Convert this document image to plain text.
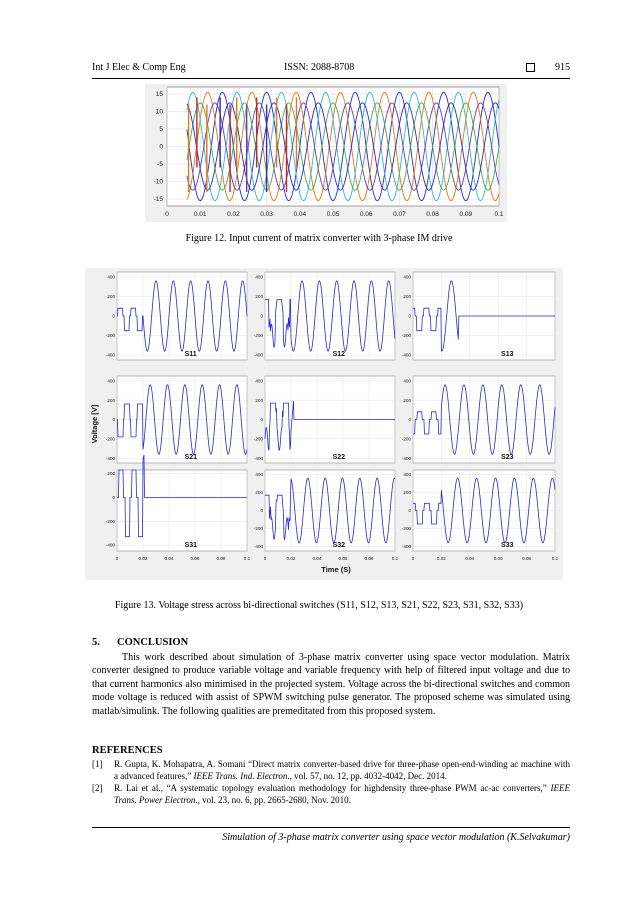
Int J Elec & Comp Eng	ISSN: 2088-8708	915
0	0.01	0.02	0.03	0.04	0.05	0.06	0.07	0.08	0.09	0.1
15
10
5
0
-5
-10
-15
Figure 12. Input current of matrix converter with 3-phase IM drive
400
200
0
-200
-400	S11
400
200
0
-200
-400	S12
400
200
0
-200
-400	S13
400
200
0
-200
-400	S21
400
200
0
-200
-400	S22
400
200
0
-200
-400	S23
200
0
-200
-400
0	0.02	0.04	0.06	0.08	0.1
S31
400
200
0
-200
-400
0	0.02	0.04	0.06	0.08	0.1
S32
400
200
0
-200
-400
0	0.02	0.04	0.06	0.08	0.1
S33
Voltage [V]
Time (S)
Figure 13. Voltage stress across bi-directional switches (S11, S12, S13, S21, S22, S23, S31, S32, S33)
5. CONCLUSION
This work described about simulation of 3-phase matrix converter using space vector modulation. Matrix converter designed to produce variable voltage and variable frequency with help of filtered input voltage and due to that current harmonics also minimised in the projected system. Voltage across the bi-directional switches and common mode voltage is reduced with assist of SPWM switching pulse generator. The proposed scheme was simulated using matlab/simulink. The following qualities are premeditated from this proposed system.
REFERENCES
[1] R. Gupta, K. Mohapatra, A. Somani “Direct matrix converter-based drive for three-phase open-end-winding ac machine with a advanced features,” IEEE Trans. Ind. Electron., vol. 57, no. 12, pp. 4032-4042, Dec. 2014.
[2] R. Lai et al., “A systematic topology evaluation methodology for highdensity three-phase PWM ac-ac converters,” IEEE Trans. Power Electron., vol. 23, no. 6, pp. 2665-2680, Nov. 2010.
Simulation of 3-phase matrix converter using space vector modulation (K.Selvakumar)
